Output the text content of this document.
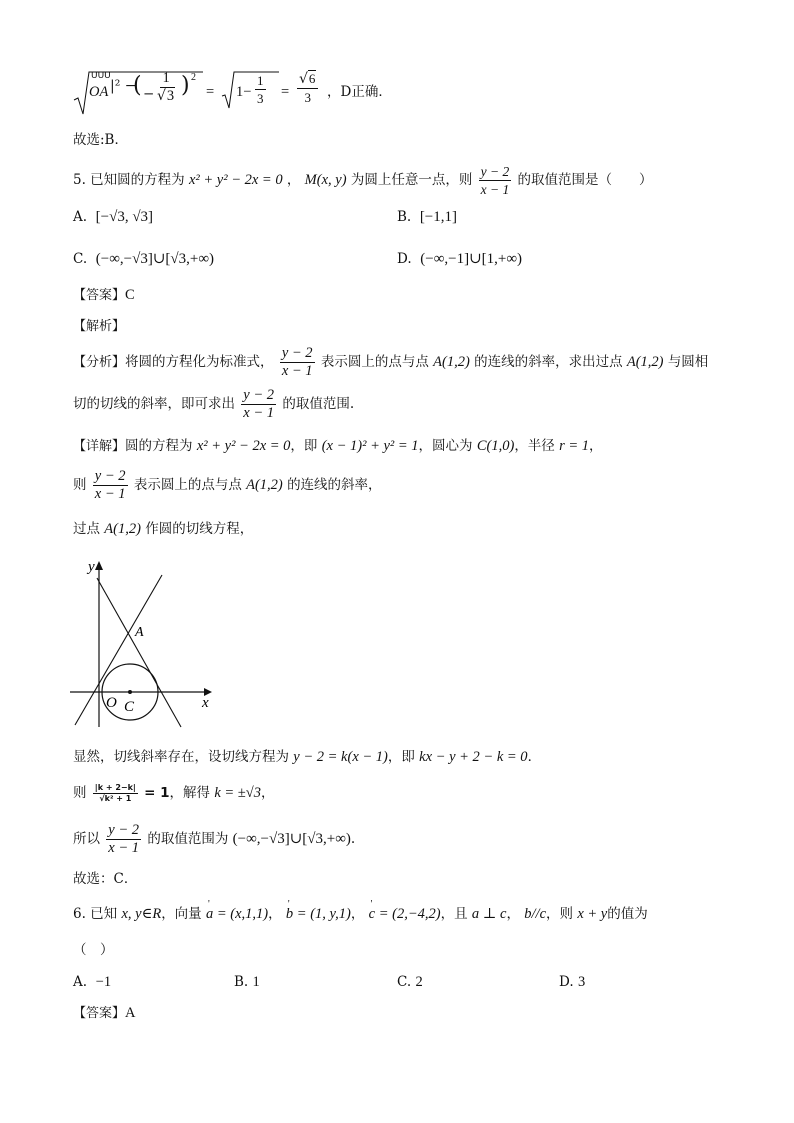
UUU
OA |² −
( − $\frac{1}{√3}$ ) 2
= $1- \frac{1}{3} = \frac{√6}{3}$ ，D正确．
故选:B．
5. 已知圆的方程为 x² + y² − 2x = 0 ， M(x, y) 为圆上任意一点，则 $\frac{y - 2}{x - 1}$ 的取值范围是（　　）
A. [−√3, √3]	B. [−1,1]
C. (−∞,−√3]∪[√3,+∞)	D. (−∞,−1]∪[1,+∞)
【答案】C
【解析】
【分析】将圆的方程化为标准式， $\frac{y - 2}{x - 1}$ 表示圆上的点与点 A(1,2) 的连线的斜率，求出过点 A(1,2) 与圆相
切的切线的斜率，即可求出 $\frac{y - 2}{x - 1}$ 的取值范围.
【详解】圆的方程为 x² + y² − 2x = 0，即 (x − 1)² + y² = 1，圆心为 C(1,0)，半径 r = 1，
则 $\frac{y - 2}{x - 1}$ 表示圆上的点与点 A(1,2) 的连线的斜率，
过点 A(1,2) 作圆的切线方程，
y
x
O C
A
显然，切线斜率存在，设切线方程为 y − 2 = k(x − 1)，即 kx − y + 2 − k = 0．
则 $\frac{|k + 2-k|}{\text{√k² + 1}} = 1$，解得 k = ±√3，
所以 $\frac{y - 2}{x - 1}$ 的取值范围为 (−∞,−√3]∪[√3,+∞).
故选：C．
6. 已知 x, y∈R，向量 ' a = (x,1,1)， ' b = (1, y,1)， ' c = (2,−4,2)，且 a ⊥ c， b//c，则 x + y的值为
（　）
A. −1	B. 1	C. 2	D. 3
【答案】A
